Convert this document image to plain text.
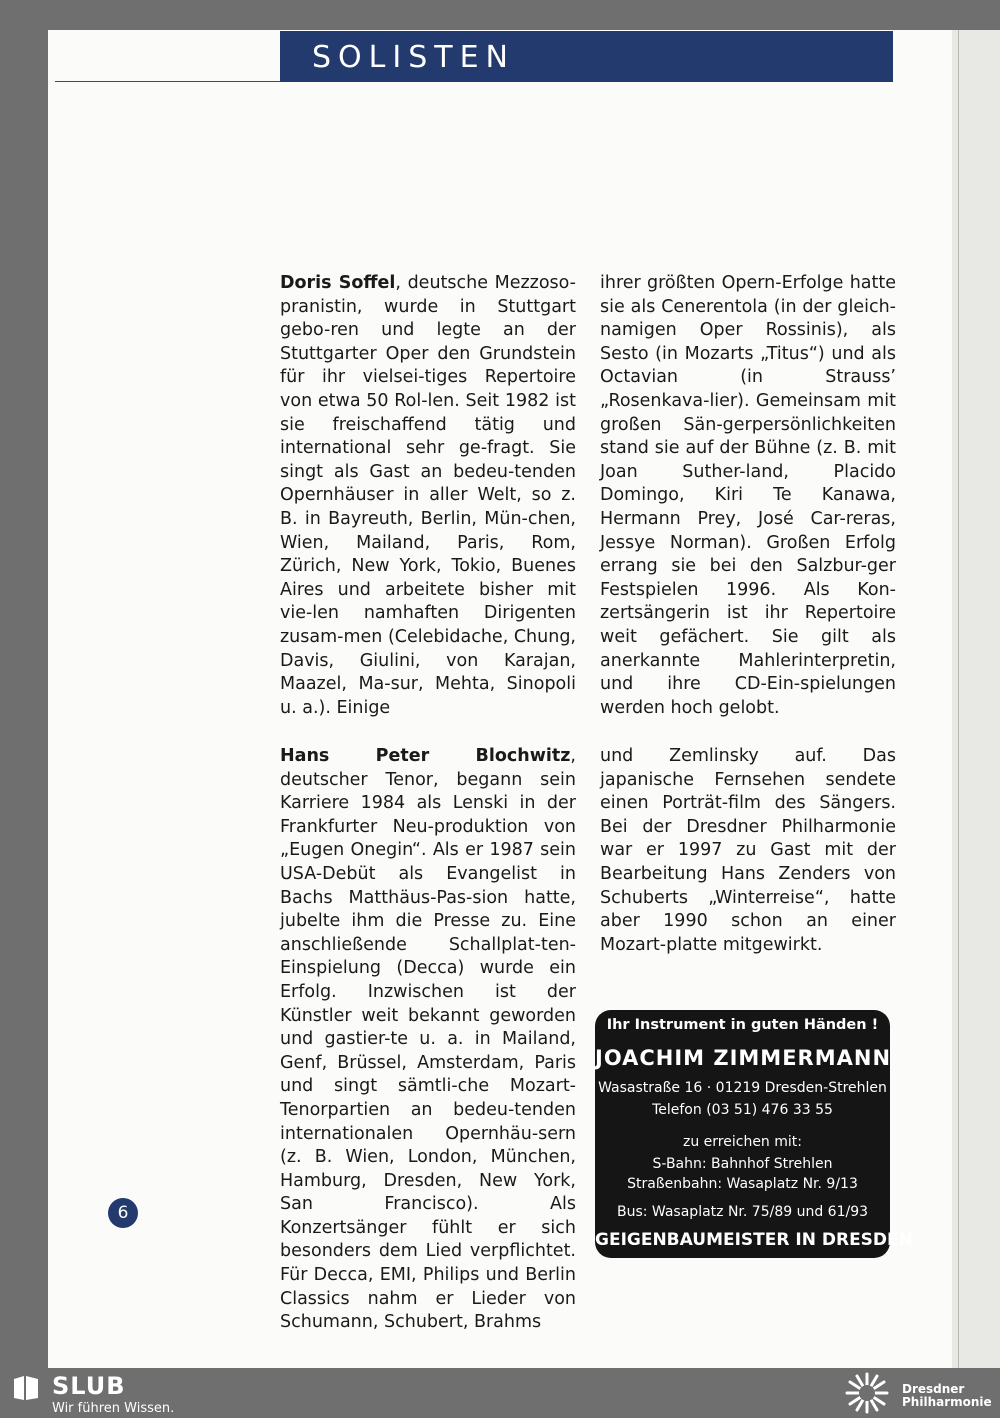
SOLISTEN
Doris Soffel, deutsche Mezzoso-pranistin, wurde in Stuttgart gebo-ren und legte an der Stuttgarter Oper den Grundstein für ihr vielsei-tiges Repertoire von etwa 50 Rol-len. Seit 1982 ist sie freischaffend tätig und international sehr ge-fragt. Sie singt als Gast an bedeu-tenden Opernhäuser in aller Welt, so z. B. in Bayreuth, Berlin, Mün-chen, Wien, Mailand, Paris, Rom, Zürich, New York, Tokio, Buenes Aires und arbeitete bisher mit vie-len namhaften Dirigenten zusam-men (Celebidache, Chung, Davis, Giulini, von Karajan, Maazel, Ma-sur, Mehta, Sinopoli u. a.). Einige
ihrer größten Opern-Erfolge hatte sie als Cenerentola (in der gleich-namigen Oper Rossinis), als Sesto (in Mozarts „Titus“) und als Octavian (in Strauss’ „Rosenkava-lier). Gemeinsam mit großen Sän-gerpersönlichkeiten stand sie auf der Bühne (z. B. mit Joan Suther-land, Placido Domingo, Kiri Te Kanawa, Hermann Prey, José Car-reras, Jessye Norman). Großen Erfolg errang sie bei den Salzbur-ger Festspielen 1996. Als Kon-zertsängerin ist ihr Repertoire weit gefächert. Sie gilt als anerkannte Mahlerinterpretin, und ihre CD-Ein-spielungen werden hoch gelobt.
Hans Peter Blochwitz, deutscher Tenor, begann sein Karriere 1984 als Lenski in der Frankfurter Neu-produktion von „Eugen Onegin“. Als er 1987 sein USA-Debüt als Evangelist in Bachs Matthäus-Pas-sion hatte, jubelte ihm die Presse zu. Eine anschließende Schallplat-ten-Einspielung (Decca) wurde ein Erfolg. Inzwischen ist der Künstler weit bekannt geworden und gastier-te u. a. in Mailand, Genf, Brüssel, Amsterdam, Paris und singt sämtli-che Mozart-Tenorpartien an bedeu-tenden internationalen Opernhäu-sern (z. B. Wien, London, München, Hamburg, Dresden, New York, San Francisco). Als Konzertsänger fühlt er sich besonders dem Lied verpflichtet. Für Decca, EMI, Philips und Berlin Classics nahm er Lieder von Schumann, Schubert, Brahms
und Zemlinsky auf. Das japanische Fernsehen sendete einen Porträt-film des Sängers. Bei der Dresdner Philharmonie war er 1997 zu Gast mit der Bearbeitung Hans Zenders von Schuberts „Winterreise“, hatte aber 1990 schon an einer Mozart-platte mitgewirkt.
Ihr Instrument in guten Händen !
JOACHIM ZIMMERMANN
Wasastraße 16 · 01219 Dresden-Strehlen
Telefon (03 51) 476 33 55
zu erreichen mit:
S-Bahn: Bahnhof Strehlen
Straßenbahn: Wasaplatz Nr. 9/13
Bus: Wasaplatz Nr. 75/89 und 61/93
GEIGENBAUMEISTER IN DRESDEN
6
SLUB
Wir führen Wissen.
Dresdner
Philharmonie
